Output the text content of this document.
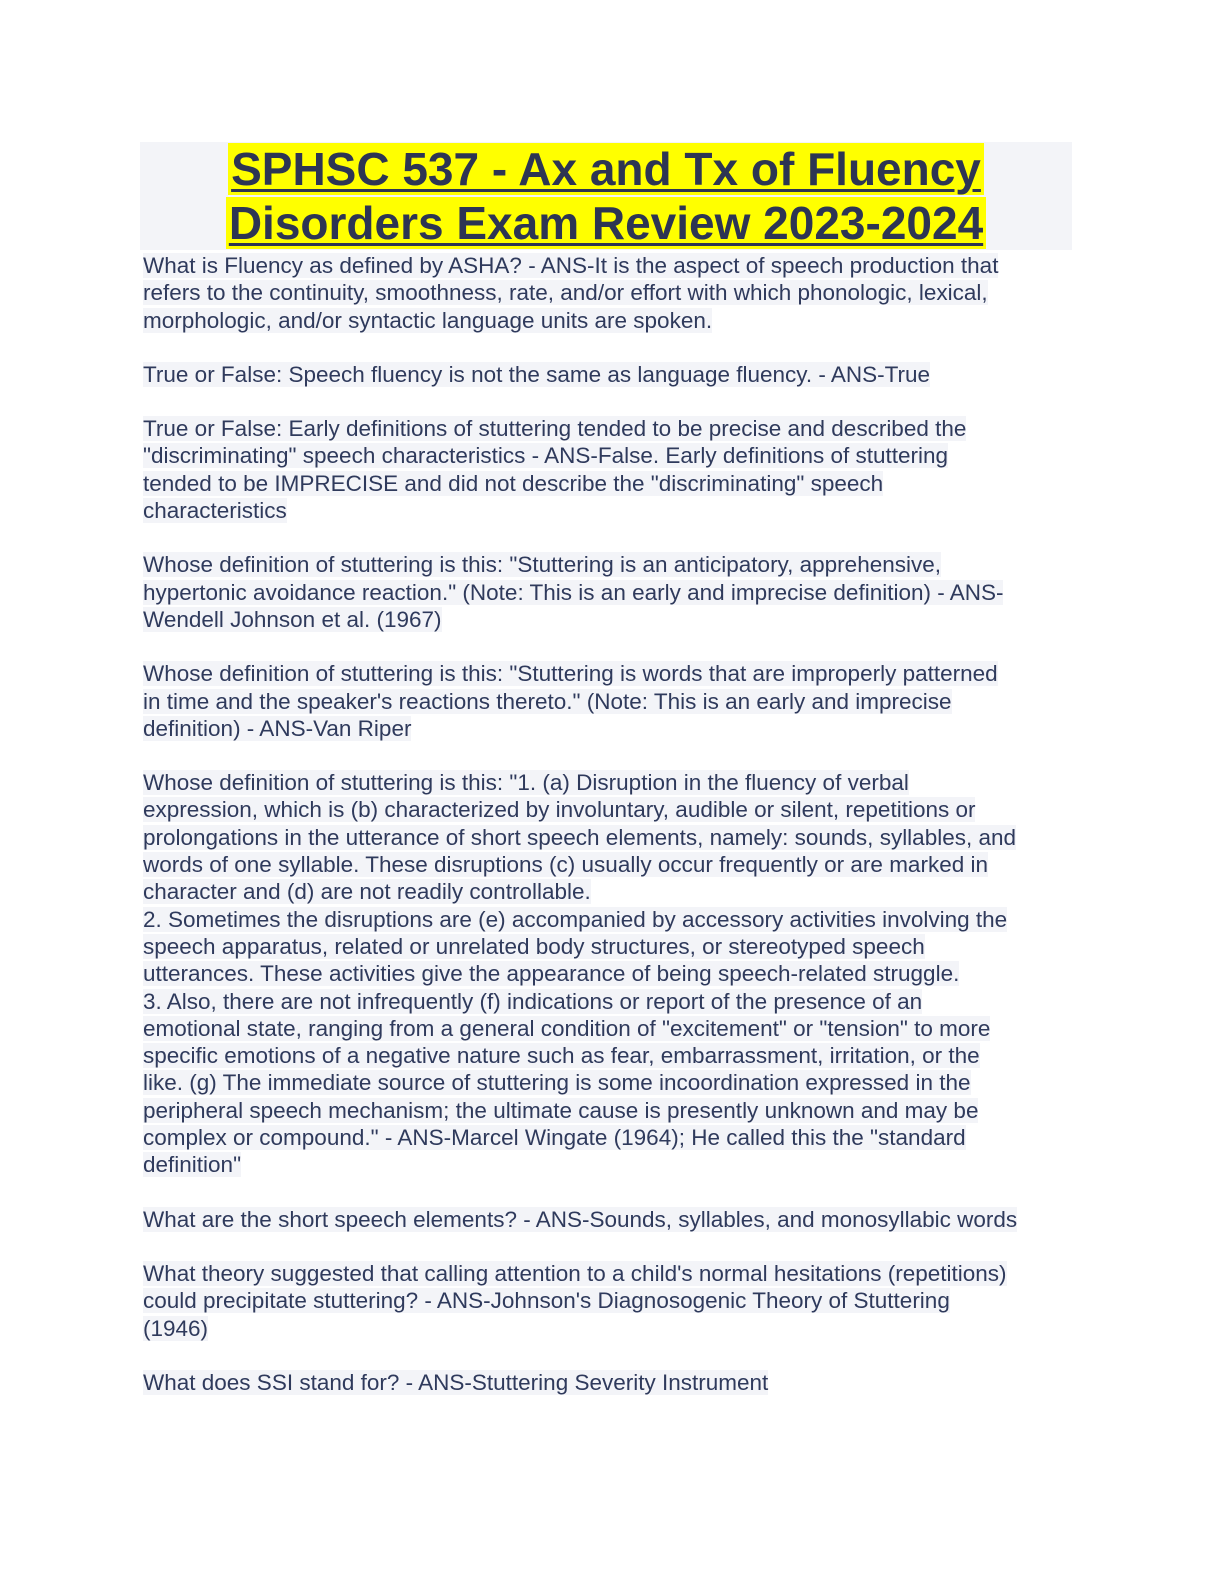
SPHSC 537 - Ax and Tx of Fluency
Disorders Exam Review 2023-2024
What is Fluency as defined by ASHA? - ANS-It is the aspect of speech production that
refers to the continuity, smoothness, rate, and/or effort with which phonologic, lexical,
morphologic, and/or syntactic language units are spoken.
True or False: Speech fluency is not the same as language fluency. - ANS-True
True or False: Early definitions of stuttering tended to be precise and described the
"discriminating" speech characteristics - ANS-False. Early definitions of stuttering
tended to be IMPRECISE and did not describe the "discriminating" speech
characteristics
Whose definition of stuttering is this: "Stuttering is an anticipatory, apprehensive,
hypertonic avoidance reaction." (Note: This is an early and imprecise definition) - ANS-
Wendell Johnson et al. (1967)
Whose definition of stuttering is this: "Stuttering is words that are improperly patterned
in time and the speaker's reactions thereto." (Note: This is an early and imprecise
definition) - ANS-Van Riper
Whose definition of stuttering is this: "1. (a) Disruption in the fluency of verbal
expression, which is (b) characterized by involuntary, audible or silent, repetitions or
prolongations in the utterance of short speech elements, namely: sounds, syllables, and
words of one syllable. These disruptions (c) usually occur frequently or are marked in
character and (d) are not readily controllable.
2. Sometimes the disruptions are (e) accompanied by accessory activities involving the
speech apparatus, related or unrelated body structures, or stereotyped speech
utterances. These activities give the appearance of being speech-related struggle.
3. Also, there are not infrequently (f) indications or report of the presence of an
emotional state, ranging from a general condition of "excitement" or "tension" to more
specific emotions of a negative nature such as fear, embarrassment, irritation, or the
like. (g) The immediate source of stuttering is some incoordination expressed in the
peripheral speech mechanism; the ultimate cause is presently unknown and may be
complex or compound." - ANS-Marcel Wingate (1964); He called this the "standard
definition"
What are the short speech elements? - ANS-Sounds, syllables, and monosyllabic words
What theory suggested that calling attention to a child's normal hesitations (repetitions)
could precipitate stuttering? - ANS-Johnson's Diagnosogenic Theory of Stuttering
(1946)
What does SSI stand for? - ANS-Stuttering Severity Instrument
